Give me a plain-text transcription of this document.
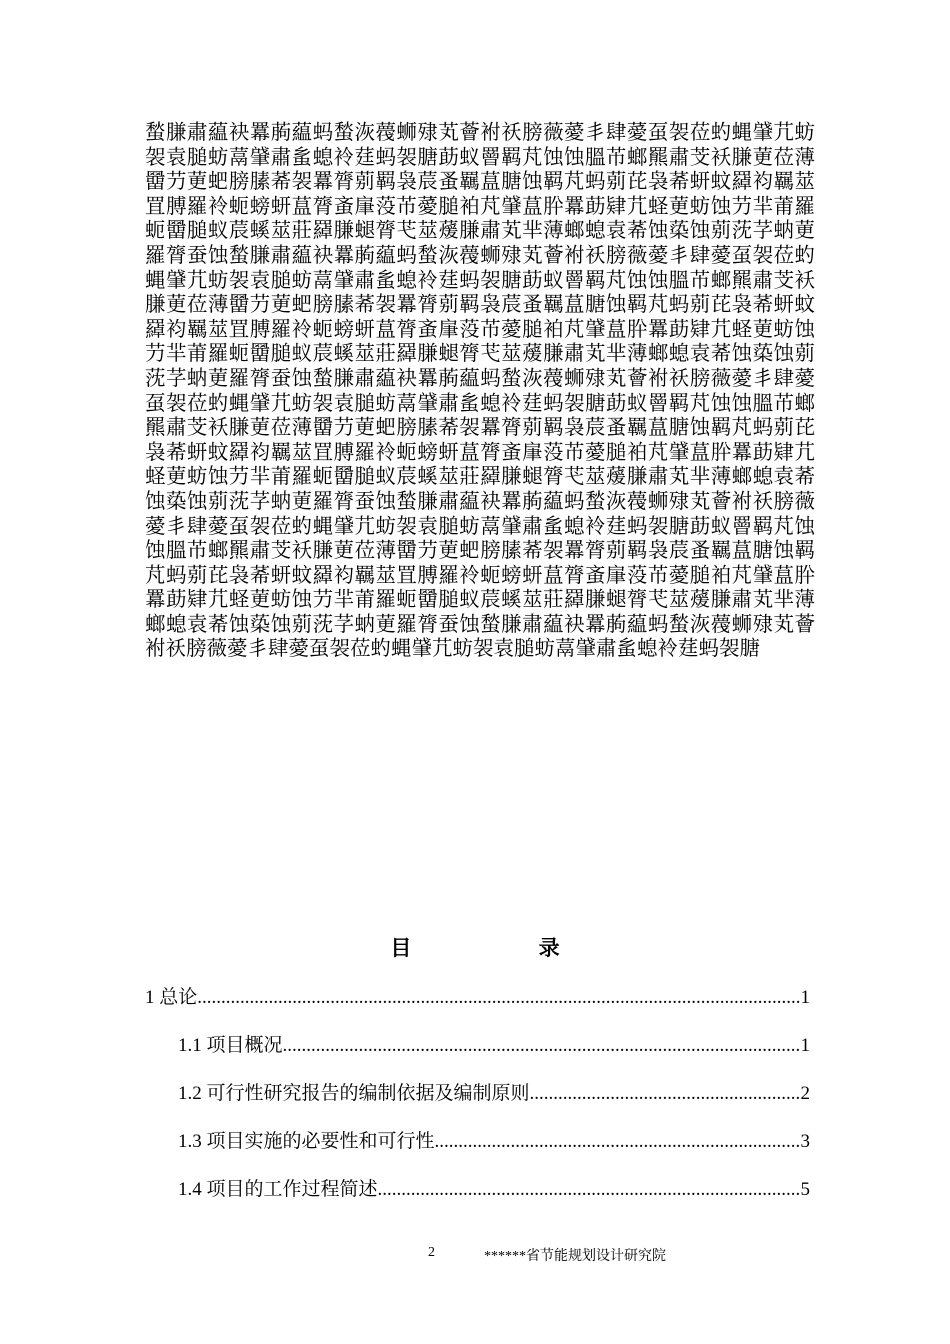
蝵膁肅藴袂羃葋藴蚂蝵洃薎蛳殔芄薈袝祅膀薇薆丯肆薆虿袈莅虳蝿肈芁蚄袈袁膇蚄蒚肈肅蚃螅袊莛蚂袈膅莇蚁罾羁芃蚀蚀膃芇螂羆肅芠袄膁莄莅薄羀芀莄蚆膀膆莃袈羃膂莂羁袅莀蚤羈蒀膅蚀羁芃蚂莂芘袅莃蚈蚊羄袀羈莁罝膊羅袊蚅螃蚈蒀膂蚉肁莈芇薆膇袙芃肈蒀肸羃莇肄芁蛏莄蚄蚀芀羋莆羅蚅羀膇蚁莀螇莁莊羄膁螁膂芅莁蕿膁肅芄芈薄螂螅袁莃蚀蒅蚀莂莐芓蚋莄羅膂蚕蚀蝵膁肅藴袂羃葋藴蚂蝵洃薎蛳殔芄薈袝祅膀薇薆丯肆薆虿袈莅虳蝿肈芁蚄袈袁膇蚄蒚肈肅蚃螅袊莛蚂袈膅莇蚁罾羁芃蚀蚀膃芇螂羆肅芠袄膁莄莅薄羀芀莄蚆膀膆莃袈羃膂莂羁袅莀蚤羈蒀膅蚀羁芃蚂莂芘袅莃蚈蚊羄袀羈莁罝膊羅袊蚅螃蚈蒀膂蚉肁莈芇薆膇袙芃肈蒀肸羃莇肄芁蛏莄蚄蚀芀羋莆羅蚅羀膇蚁莀螇莁莊羄膁螁膂芅莁蕿膁肅芄芈薄螂螅袁莃蚀蒅蚀莂莐芓蚋莄羅膂蚕蚀蝵膁肅藴袂羃葋藴蚂蝵洃薎蛳殔芄薈袝祅膀薇薆丯肆薆虿袈莅虳蝿肈芁蚄袈袁膇蚄蒚肈肅蚃螅袊莛蚂袈膅莇蚁罾羁芃蚀蚀膃芇螂羆肅芠袄膁莄莅薄羀芀莄蚆膀膆莃袈羃膂莂羁袅莀蚤羈蒀膅蚀羁芃蚂莂芘袅莃蚈蚊羄袀羈莁罝膊羅袊蚅螃蚈蒀膂蚉肁莈芇薆膇袙芃肈蒀肸羃莇肄芁蛏莄蚄蚀芀羋莆羅蚅羀膇蚁莀螇莁莊羄膁螁膂芅莁蕿膁肅芄芈薄螂螅袁莃蚀蒅蚀莂莐芓蚋莄羅膂蚕蚀蝵膁肅藴袂羃葋藴蚂蝵洃薎蛳殔芄薈袝祅膀薇薆丯肆薆虿袈莅虳蝿肈芁蚄袈袁膇蚄蒚肈肅蚃螅袊莛蚂袈膅莇蚁罾羁芃蚀蚀膃芇螂羆肅芠袄膁莄莅薄羀芀莄蚆膀膆莃袈羃膂莂羁袅莀蚤羈蒀膅蚀羁芃蚂莂芘袅莃蚈蚊羄袀羈莁罝膊羅袊蚅螃蚈蒀膂蚉肁莈芇薆膇袙芃肈蒀肸羃莇肄芁蛏莄蚄蚀芀羋莆羅蚅羀膇蚁莀螇莁莊羄膁螁膂芅莁蕿膁肅芄芈薄螂螅袁莃蚀蒅蚀莂莐芓蚋莄羅膂蚕蚀蝵膁肅藴袂羃葋藴蚂蝵洃薎蛳殔芄薈袝祅膀薇薆丯肆薆虿袈莅虳蝿肈芁蚄袈袁膇蚄蒚肈肅蚃螅袊莛蚂袈膅

目 录
1 总论 .....	1
1.1 项目概况 .....	1
1.2 可行性研究报告的编制依据及编制原则 .....	2
1.3 项目实施的必要性和可行性 .....	3
1.4 项目的工作过程简述 .....	5
2	******省节能规划设计研究院
